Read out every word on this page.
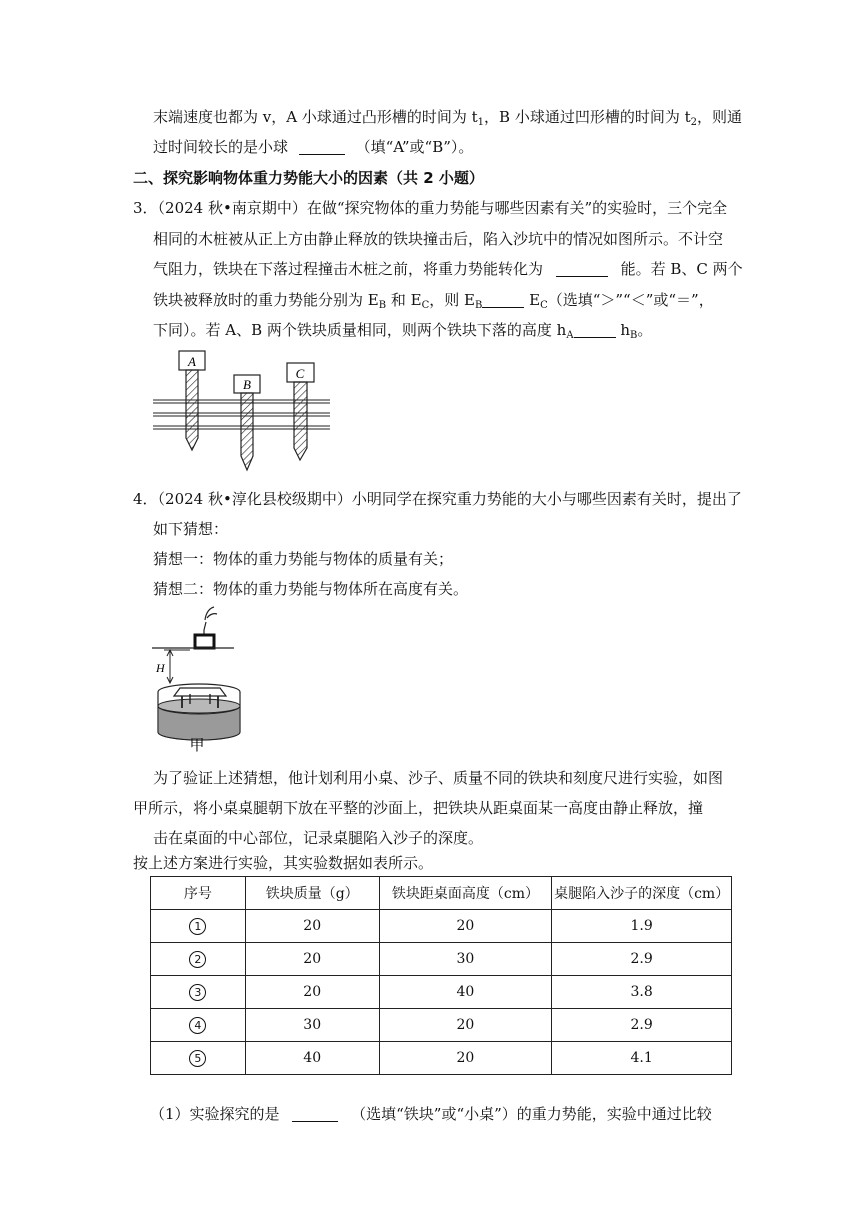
末端速度也都为 v，A 小球通过凸形槽的时间为 $t_1$，B 小球通过凹形槽的时间为 $t_2$，则通
过时间较长的是小球	（填“A”或“B”）。
二、探究影响物体重力势能大小的因素（共 2 小题）
3．（2024 秋•南京期中）在做“探究物体的重力势能与哪些因素有关”的实验时，三个完全
相同的木桩被从正上方由静止释放的铁块撞击后，陷入沙坑中的情况如图所示。不计空
气阻力，铁块在下落过程撞击木桩之前，将重力势能转化为	能。若 B、C 两个
铁块被释放时的重力势能分别为 $E_B$ 和 $E_C$，则 $E_B$	$E_C$（选填“＞”“＜”或“＝”，
下同）。若 A、B 两个铁块质量相同，则两个铁块下落的高度 $h_A$	$h_B$。
A
B
C
4．（2024 秋•淳化县校级期中）小明同学在探究重力势能的大小与哪些因素有关时，提出了
如下猜想：
猜想一：物体的重力势能与物体的质量有关；
猜想二：物体的重力势能与物体所在高度有关。
H
甲
为了验证上述猜想，他计划利用小桌、沙子、质量不同的铁块和刻度尺进行实验，如图
甲所示，将小桌桌腿朝下放在平整的沙面上，把铁块从距桌面某一高度由静止释放，撞
击在桌面的中心部位，记录桌腿陷入沙子的深度。
按上述方案进行实验，其实验数据如表所示。
序号	铁块质量（g）	铁块距桌面高度（cm）	桌腿陷入沙子的深度（cm）
1	20	20	1.9
2	20	30	2.9
3	20	40	3.8
4	30	20	2.9
5	40	20	4.1
（1）实验探究的是	（选填“铁块”或“小桌”）的重力势能，实验中通过比较
